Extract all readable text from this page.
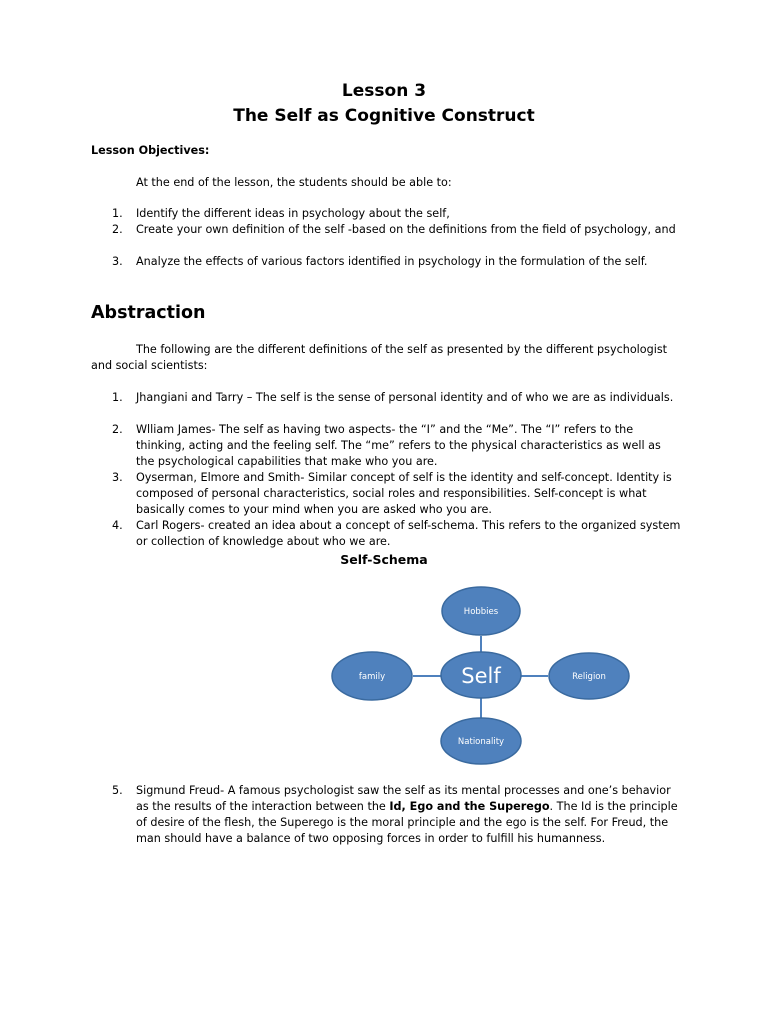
Lesson 3
The Self as Cognitive Construct
Lesson Objectives:
At the end of the lesson, the students should be able to:
1. Identify the different ideas in psychology about the self,
2. Create your own definition of the self -based on the definitions from the field of psychology, and
3. Analyze the effects of various factors identified in psychology in the formulation of the self.
Abstraction
The following are the different definitions of the self as presented by the different psychologist and social scientists:
1. Jhangiani and Tarry – The self is the sense of personal identity and of who we are as individuals.
2. Wlliam James- The self as having two aspects- the “I” and the “Me”. The “I” refers to the thinking, acting and the feeling self. The “me” refers to the physical characteristics as well as the psychological capabilities that make who you are.
3. Oyserman, Elmore and Smith- Similar concept of self is the identity and self-concept. Identity is composed of personal characteristics, social roles and responsibilities. Self-concept is what basically comes to your mind when you are asked who you are.
4. Carl Rogers- created an idea about a concept of self-schema. This refers to the organized system or collection of knowledge about who we are.
Self-Schema
Hobbies
family	Self	Religion
Nationality
5. Sigmund Freud- A famous psychologist saw the self as its mental processes and one’s behavior as the results of the interaction between the Id, Ego and the Superego. The Id is the principle of desire of the flesh, the Superego is the moral principle and the ego is the self. For Freud, the man should have a balance of two opposing forces in order to fulfill his humanness.
